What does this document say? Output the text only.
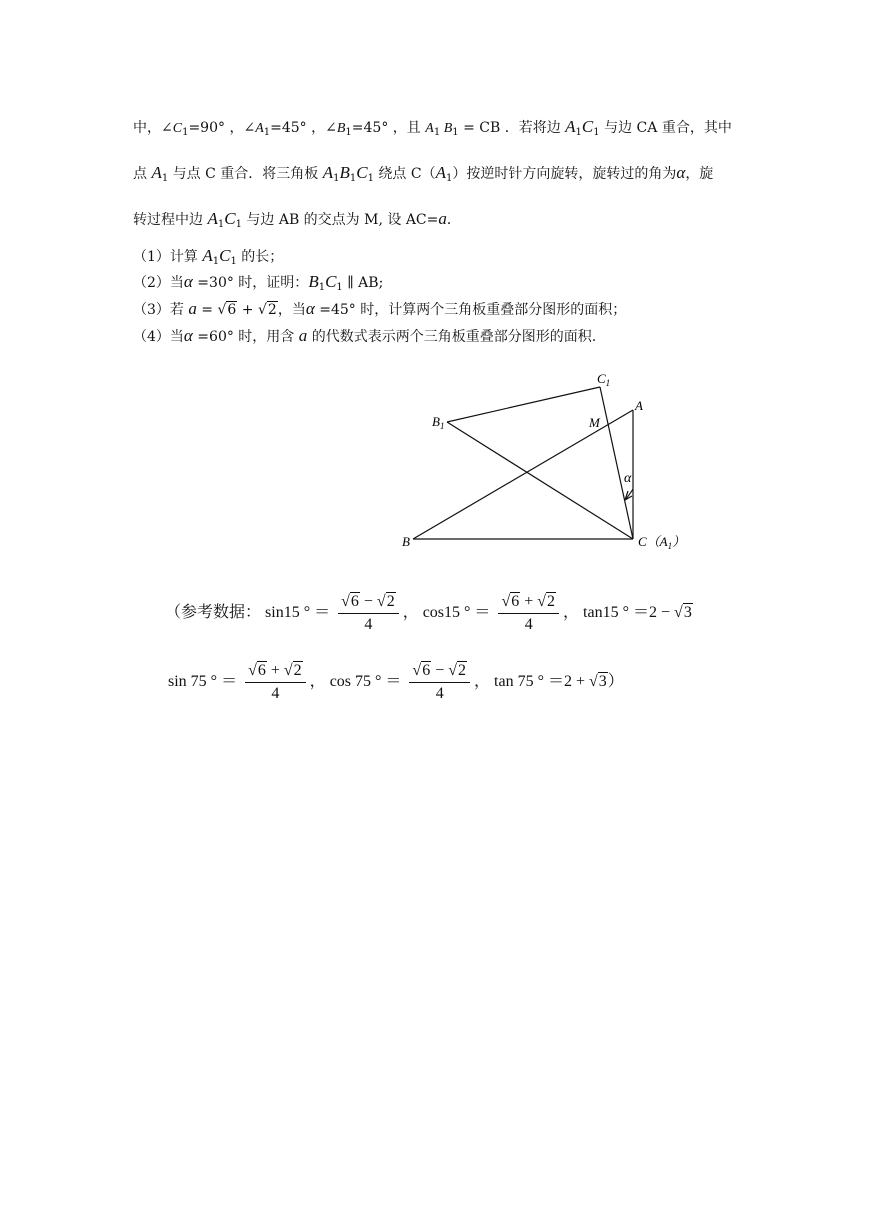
中，$\angle C_1=90^\circ$ ，$\angle A_1=45^\circ$ ，$\angle B_1=45^\circ$ ，且 $A_1$ $B_1$ = CB ．若将边 $A_1C_1$ 与边 CA 重合，其中
点 $A_1$ 与点 C 重合．将三角板 $A_1B_1C_1$ 绕点 $C(A_1)$按逆时针方向旋转，旋转过的角为α，旋
转过程中边 $A_1C_1$ 与边 AB 的交点为 M, 设 AC=a．
（1）计算 $A_1C_1$ 的长；
（2）当α =30° 时，证明：$B_1C_1$ ∥ AB;
（3）若 a = √6 + √2，当α =45° 时，计算两个三角板重叠部分图形的面积；
（4）当α =60° 时，用含 a 的代数式表示两个三角板重叠部分图形的面积.
$C_1$
A
$B_1$	M
α
B	$C(A_1)$
（参考数据： sin15 ° ＝ $\frac{√6 - √2}{4}$ ， cos15 ° ＝ $\frac{√6 + √2}{4}$ ， tan15 ° ＝2 − √3
sin 75 ° ＝ $\frac{√6 + √2}{4}$ ， cos 75 ° ＝ $\frac{√6 - √2}{4}$ ， tan 75 ° ＝2 + √3）
